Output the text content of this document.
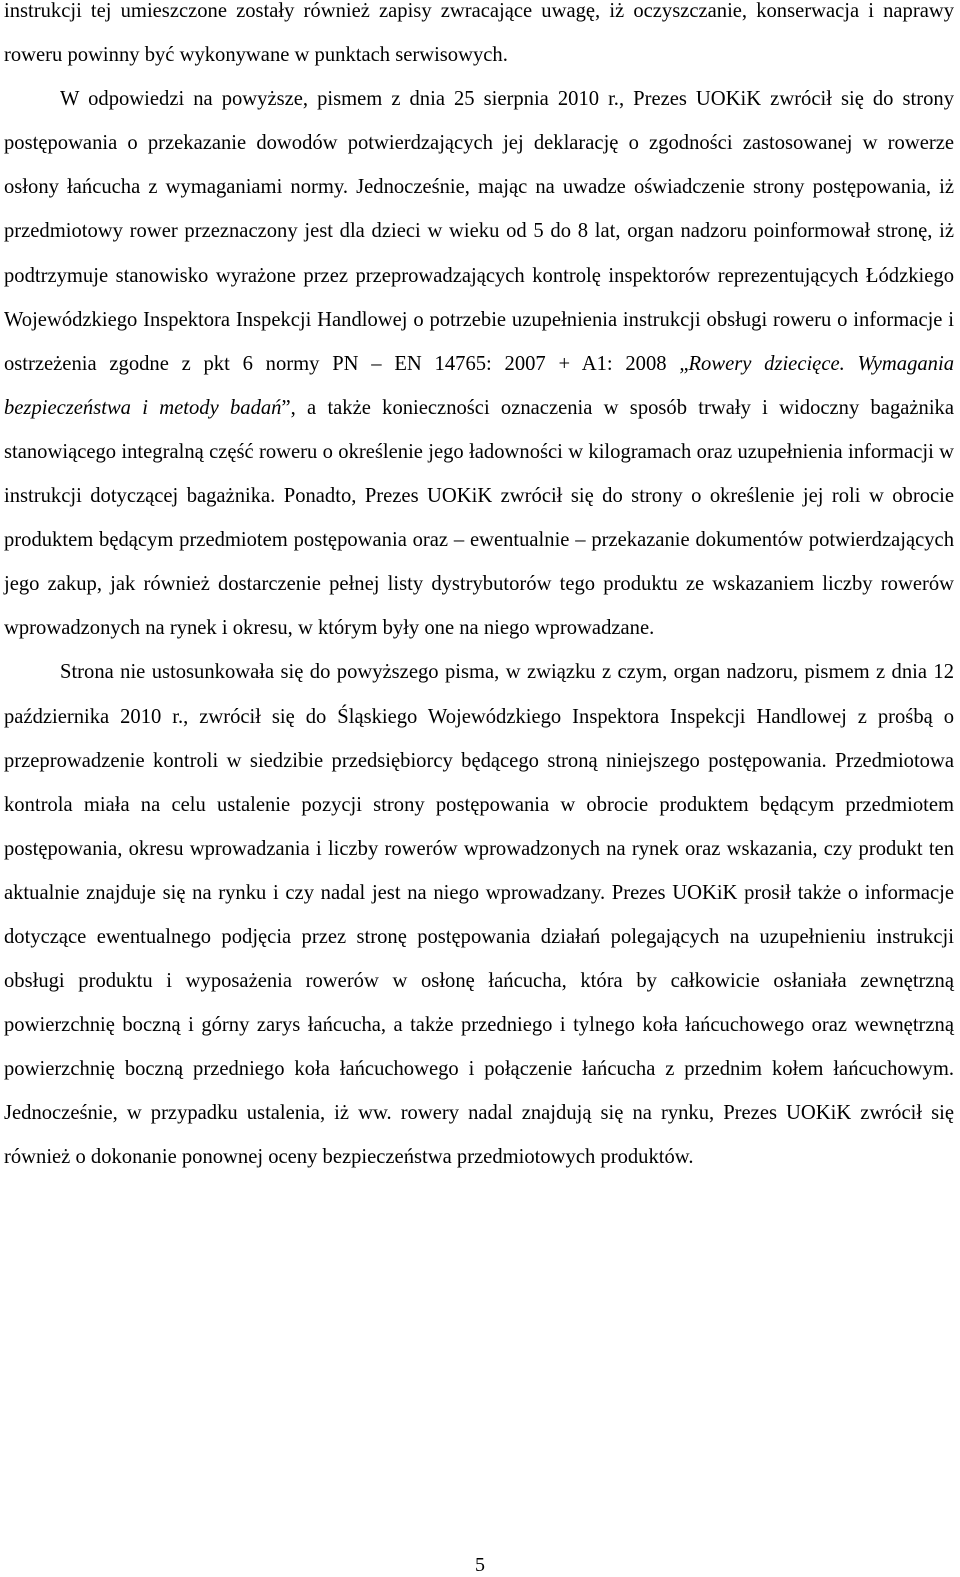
instrukcji tej umieszczone zostały również zapisy zwracające uwagę, iż oczyszczanie, konserwacja i naprawy roweru powinny być wykonywane w punktach serwisowych.

W odpowiedzi na powyższe, pismem z dnia 25 sierpnia 2010 r., Prezes UOKiK zwrócił się do strony postępowania o przekazanie dowodów potwierdzających jej deklarację o zgodności zastosowanej w rowerze osłony łańcucha z wymaganiami normy. Jednocześnie, mając na uwadze oświadczenie strony postępowania, iż przedmiotowy rower przeznaczony jest dla dzieci w wieku od 5 do 8 lat, organ nadzoru poinformował stronę, iż podtrzymuje stanowisko wyrażone przez przeprowadzających kontrolę inspektorów reprezentujących Łódzkiego Wojewódzkiego Inspektora Inspekcji Handlowej o potrzebie uzupełnienia instrukcji obsługi roweru o informacje i ostrzeżenia zgodne z pkt 6 normy PN – EN 14765: 2007 + A1: 2008 „Rowery dziecięce. Wymagania bezpieczeństwa i metody badań”, a także konieczności oznaczenia w sposób trwały i widoczny bagażnika stanowiącego integralną część roweru o określenie jego ładowności w kilogramach oraz uzupełnienia informacji w instrukcji dotyczącej bagażnika. Ponadto, Prezes UOKiK zwrócił się do strony o określenie jej roli w obrocie produktem będącym przedmiotem postępowania oraz – ewentualnie – przekazanie dokumentów potwierdzających jego zakup, jak również dostarczenie pełnej listy dystrybutorów tego produktu ze wskazaniem liczby rowerów wprowadzonych na rynek i okresu, w którym były one na niego wprowadzane.

Strona nie ustosunkowała się do powyższego pisma, w związku z czym, organ nadzoru, pismem z dnia 12 października 2010 r., zwrócił się do Śląskiego Wojewódzkiego Inspektora Inspekcji Handlowej z prośbą o przeprowadzenie kontroli w siedzibie przedsiębiorcy będącego stroną niniejszego postępowania. Przedmiotowa kontrola miała na celu ustalenie pozycji strony postępowania w obrocie produktem będącym przedmiotem postępowania, okresu wprowadzania i liczby rowerów wprowadzonych na rynek oraz wskazania, czy produkt ten aktualnie znajduje się na rynku i czy nadal jest na niego wprowadzany. Prezes UOKiK prosił także o informacje dotyczące ewentualnego podjęcia przez stronę postępowania działań polegających na uzupełnieniu instrukcji obsługi produktu i wyposażenia rowerów w osłonę łańcucha, która by całkowicie osłaniała zewnętrzną powierzchnię boczną i górny zarys łańcucha, a także przedniego i tylnego koła łańcuchowego oraz wewnętrzną powierzchnię boczną przedniego koła łańcuchowego i połączenie łańcucha z przednim kołem łańcuchowym. Jednocześnie, w przypadku ustalenia, iż ww. rowery nadal znajdują się na rynku, Prezes UOKiK zwrócił się również o dokonanie ponownej oceny bezpieczeństwa przedmiotowych produktów.

5
